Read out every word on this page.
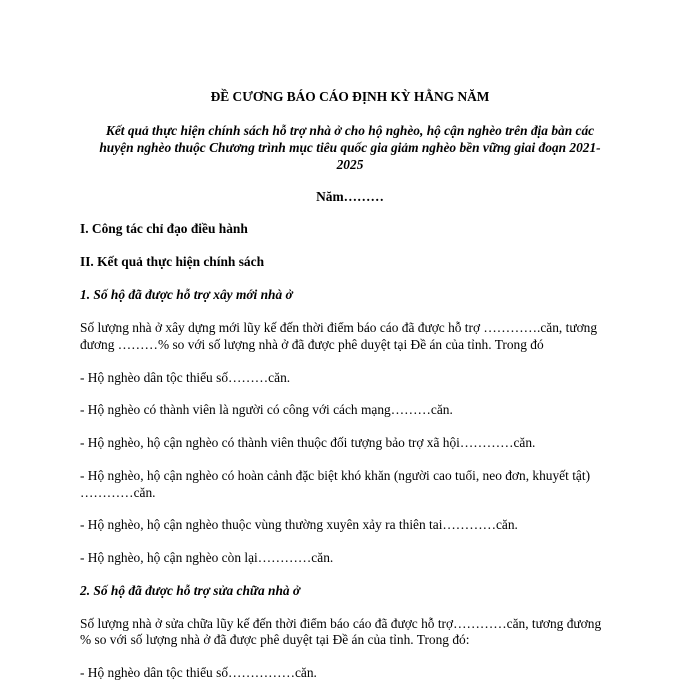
ĐỀ CƯƠNG BÁO CÁO ĐỊNH KỲ HẰNG NĂM
Kết quả thực hiện chính sách hỗ trợ nhà ở cho hộ nghèo, hộ cận nghèo trên địa bàn các
huyện nghèo thuộc Chương trình mục tiêu quốc gia giảm nghèo bền vững giai đoạn 2021-
2025
Năm………
I. Công tác chỉ đạo điều hành
II. Kết quả thực hiện chính sách
1. Số hộ đã được hỗ trợ xây mới nhà ở
Số lượng nhà ở xây dựng mới lũy kế đến thời điểm báo cáo đã được hỗ trợ ………….căn, tương
đương ………% so với số lượng nhà ở đã được phê duyệt tại Đề án của tỉnh. Trong đó
- Hộ nghèo dân tộc thiểu số………căn.
- Hộ nghèo có thành viên là người có công với cách mạng………căn.
- Hộ nghèo, hộ cận nghèo có thành viên thuộc đối tượng bảo trợ xã hội…………căn.
- Hộ nghèo, hộ cận nghèo có hoàn cảnh đặc biệt khó khăn (người cao tuổi, neo đơn, khuyết tật)
…………căn.
- Hộ nghèo, hộ cận nghèo thuộc vùng thường xuyên xảy ra thiên tai…………căn.
- Hộ nghèo, hộ cận nghèo còn lại…………căn.
2. Số hộ đã được hỗ trợ sửa chữa nhà ở
Số lượng nhà ở sửa chữa lũy kế đến thời điểm báo cáo đã được hỗ trợ…………căn, tương đương
% so với số lượng nhà ở đã được phê duyệt tại Đề án của tỉnh. Trong đó:
- Hộ nghèo dân tộc thiểu số……………căn.
